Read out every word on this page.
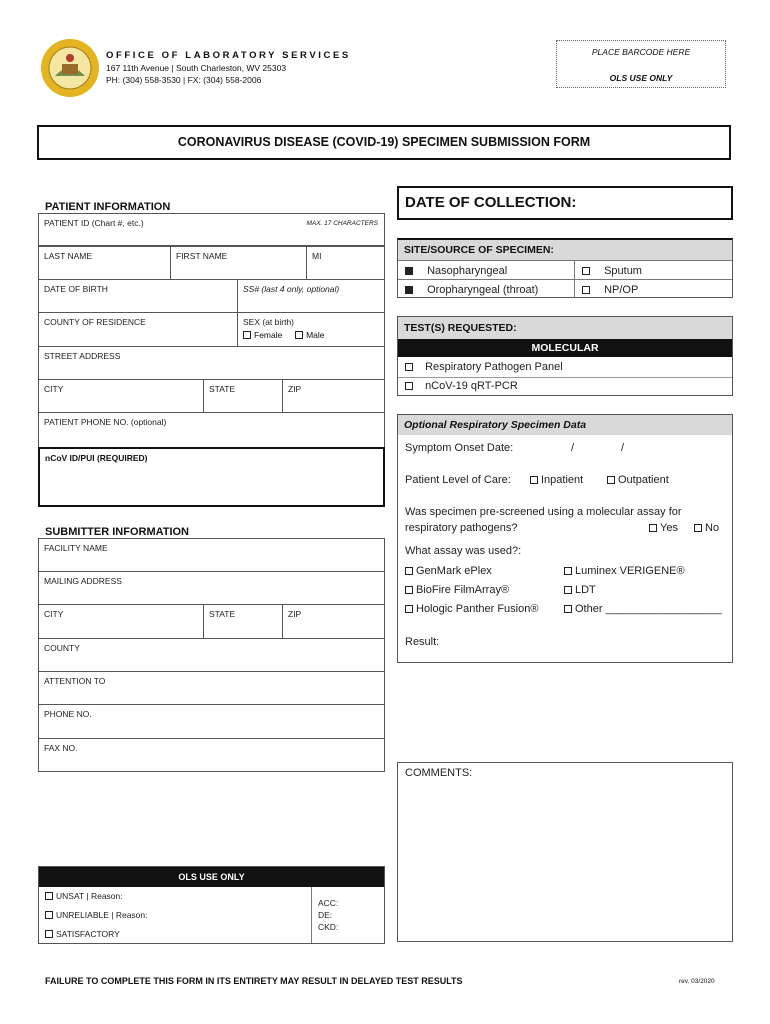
OFFICE OF LABORATORY SERVICES
167 11th Avenue | South Charleston, WV 25303
PH: (304) 558-3530 | FX: (304) 558-2006
PLACE BARCODE HERE
OLS USE ONLY
CORONAVIRUS DISEASE (COVID-19) SPECIMEN SUBMISSION FORM
PATIENT INFORMATION
PATIENT ID (Chart #, etc.)	MAX. 17 CHARACTERS
LAST NAME	FIRST NAME	MI
DATE OF BIRTH	SS# (last 4 only, optional)
COUNTY OF RESIDENCE	SEX (at birth)
Female	Male
STREET ADDRESS
CITY	STATE	ZIP
PATIENT PHONE NO. (optional)
nCoV ID/PUI (REQUIRED)
SUBMITTER INFORMATION
FACILITY NAME
MAILING ADDRESS
CITY	STATE	ZIP
COUNTY
ATTENTION TO
PHONE NO.
FAX NO.
DATE OF COLLECTION:
SITE/SOURCE OF SPECIMEN:
Nasopharyngeal	Sputum
Oropharyngeal (throat)	NP/OP
TEST(S) REQUESTED:
MOLECULAR
Respiratory Pathogen Panel
nCoV-19 qRT-PCR
Optional Respiratory Specimen Data
Symptom Onset Date:	/	/
Patient Level of Care:	Inpatient	Outpatient
Was specimen pre-screened using a molecular assay for
respiratory pathogens?	Yes	No
What assay was used?:
GenMark ePlex	Luminex VERIGENE®
BioFire FilmArray®	LDT
Hologic Panther Fusion®	Other ___________________
Result:
COMMENTS:
OLS USE ONLY
UNSAT | Reason:
UNRELIABLE | Reason:
SATISFACTORY
ACC:
DE:
CKD:
FAILURE TO COMPLETE THIS FORM IN ITS ENTIRETY MAY RESULT IN DELAYED TEST RESULTS	rev. 03/2020
